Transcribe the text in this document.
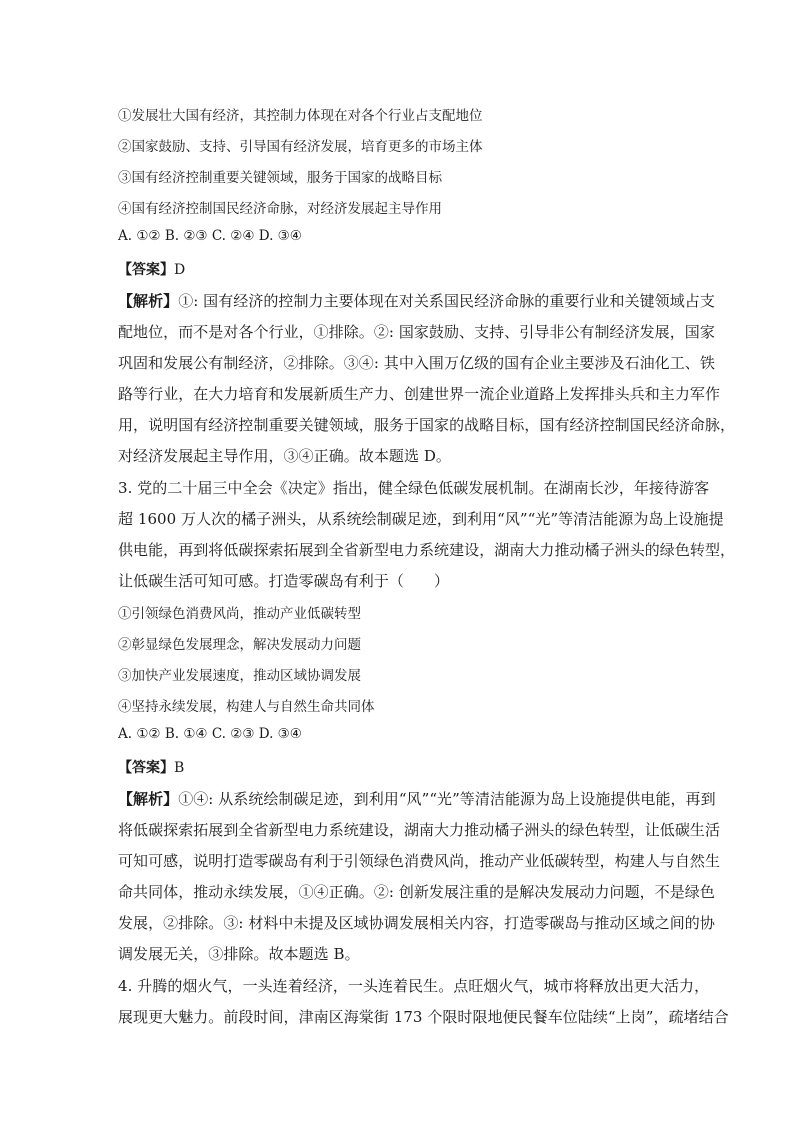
①发展壮大国有经济，其控制力体现在对各个行业占支配地位
②国家鼓励、支持、引导国有经济发展，培育更多的市场主体
③国有经济控制重要关键领域，服务于国家的战略目标
④国有经济控制国民经济命脉，对经济发展起主导作用
A. ①② B. ②③ C. ②④ D. ③④
【答案】D
【解析】①: 国有经济的控制力主要体现在对关系国民经济命脉的重要行业和关键领域占支
配地位，而不是对各个行业，①排除。②: 国家鼓励、支持、引导非公有制经济发展，国家
巩固和发展公有制经济，②排除。③④: 其中入围万亿级的国有企业主要涉及石油化工、铁
路等行业，在大力培育和发展新质生产力、创建世界一流企业道路上发挥排头兵和主力军作
用，说明国有经济控制重要关键领域，服务于国家的战略目标，国有经济控制国民经济命脉，
对经济发展起主导作用，③④正确。故本题选 D。
3. 党的二十届三中全会《决定》指出，健全绿色低碳发展机制。在湖南长沙，年接待游客
超 1600 万人次的橘子洲头，从系统绘制碳足迹，到利用“风”“光”等清洁能源为岛上设施提
供电能，再到将低碳探索拓展到全省新型电力系统建设，湖南大力推动橘子洲头的绿色转型，
让低碳生活可知可感。打造零碳岛有利于（　　）
①引领绿色消费风尚，推动产业低碳转型
②彰显绿色发展理念，解决发展动力问题
③加快产业发展速度，推动区域协调发展
④坚持永续发展，构建人与自然生命共同体
A. ①② B. ①④ C. ②③ D. ③④
【答案】B
【解析】①④: 从系统绘制碳足迹，到利用“风”“光”等清洁能源为岛上设施提供电能，再到
将低碳探索拓展到全省新型电力系统建设，湖南大力推动橘子洲头的绿色转型，让低碳生活
可知可感，说明打造零碳岛有利于引领绿色消费风尚，推动产业低碳转型，构建人与自然生
命共同体，推动永续发展，①④正确。②: 创新发展注重的是解决发展动力问题，不是绿色
发展，②排除。③: 材料中未提及区域协调发展相关内容，打造零碳岛与推动区域之间的协
调发展无关，③排除。故本题选 B。
4. 升腾的烟火气，一头连着经济，一头连着民生。点旺烟火气，城市将释放出更大活力，
展现更大魅力。前段时间，津南区海棠街 173 个限时限地便民餐车位陆续“上岗”，疏堵结合
